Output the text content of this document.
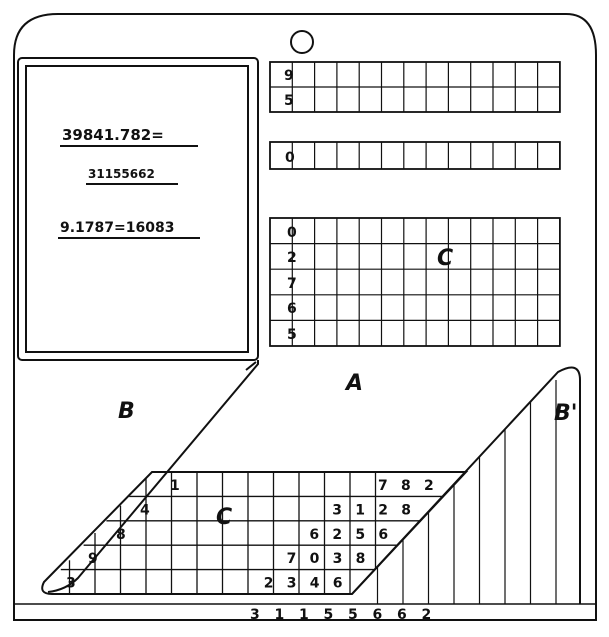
39841.782=
31155662
9.1787=16083
9
5
0
0
2
7
6
5
C
C
1	7 8 2
4	3 1 2 8
8	6 2 5 6
9	7 0 3 8
3	2 3 4 6
A
B	B'
3 1 1 5 5 6 6 2
